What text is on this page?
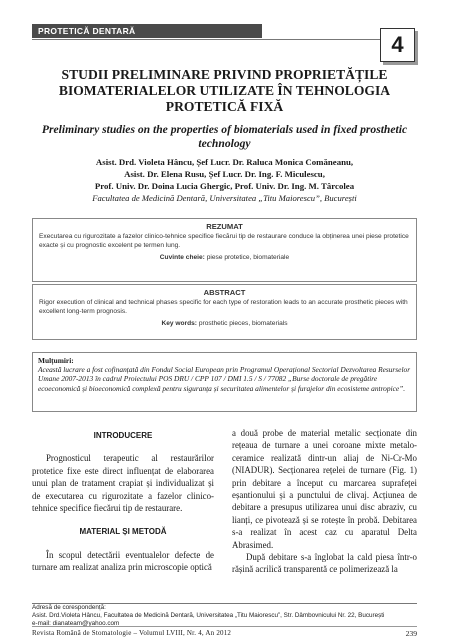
PROTETICĂ DENTARĂ
4
STUDII PRELIMINARE PRIVIND PROPRIETĂȚILE BIOMATERIALELOR UTILIZATE ÎN TEHNOLOGIA PROTETICĂ FIXĂ
Preliminary studies on the properties of biomaterials used in fixed prosthetic technology
Asist. Drd. Violeta Hâncu, Șef Lucr. Dr. Raluca Monica Comăneanu,
Asist. Dr. Elena Rusu, Șef Lucr. Dr. Ing. F. Miculescu,
Prof. Univ. Dr. Doina Lucia Ghergic, Prof. Univ. Dr. Ing. M. Târcolea
Facultatea de Medicină Dentară, Universitatea „Titu Maiorescu”, București
REZUMAT
Executarea cu rigurozitate a fazelor clinico-tehnice specifice fiecărui tip de restaurare conduce la obținerea unei piese protetice exacte și cu prognostic excelent pe termen lung.
Cuvinte cheie: piese protetice, biomateriale
ABSTRACT
Rigor execution of clinical and technical phases specific for each type of restoration leads to an accurate prosthetic pieces with excellent long-term prognosis.
Key words: prosthetic pieces, biomaterials
Mulțumiri:
Această lucrare a fost cofinanțată din Fondul Social European prin Programul Operațional Sectorial Dezvoltarea Resurselor Umane 2007-2013 în cadrul Proiectului POS DRU / CPP 107 / DMI 1.5 / S / 77082 „Burse doctorale de pregătire ecoeconomică și bioeconomică complexă pentru siguranța și securitatea alimentelor și furajelor din ecosisteme antropice”.
INTRODUCERE
Prognosticul terapeutic al restaurărilor protetice fixe este direct influențat de elaborarea unui plan de tratament crapiat și individualizat și de executarea cu rigurozitate a fazelor clinico-tehnice specifice fiecărui tip de restaurare.
MATERIAL ȘI METODĂ
În scopul detectării eventualelor defecte de turnare am realizat analiza prin microscopie optică
a două probe de material metalic secționate din rețeaua de turnare a unei coroane mixte metalo-ceramice realizată dintr-un aliaj de Ni-Cr-Mo (NIADUR). Secționarea rețelei de turnare (Fig. 1) prin debitare a început cu marcarea suprafeței eșantionului și a punctului de clivaj. Acțiunea de debitare a presupus utilizarea unui disc abraziv, cu lianți, ce pivotează și se rotește în probă. Debitarea s-a realizat în acest caz cu aparatul Delta Abrasimed.
După debitare s-a înglobat la cald piesa într-o rășină acrilică transparentă ce polimerizează la
Adresă de corespondență:
Asist. Drd.Violeta Hâncu, Facultatea de Medicină Dentară, Universitatea „Titu Maiorescu”, Str. Dâmbovnicului Nr. 22, București
e-mail: dianateam@yahoo.com
Revista Română de Stomatologie – Volumul LVIII, Nr. 4, An 2012	239
